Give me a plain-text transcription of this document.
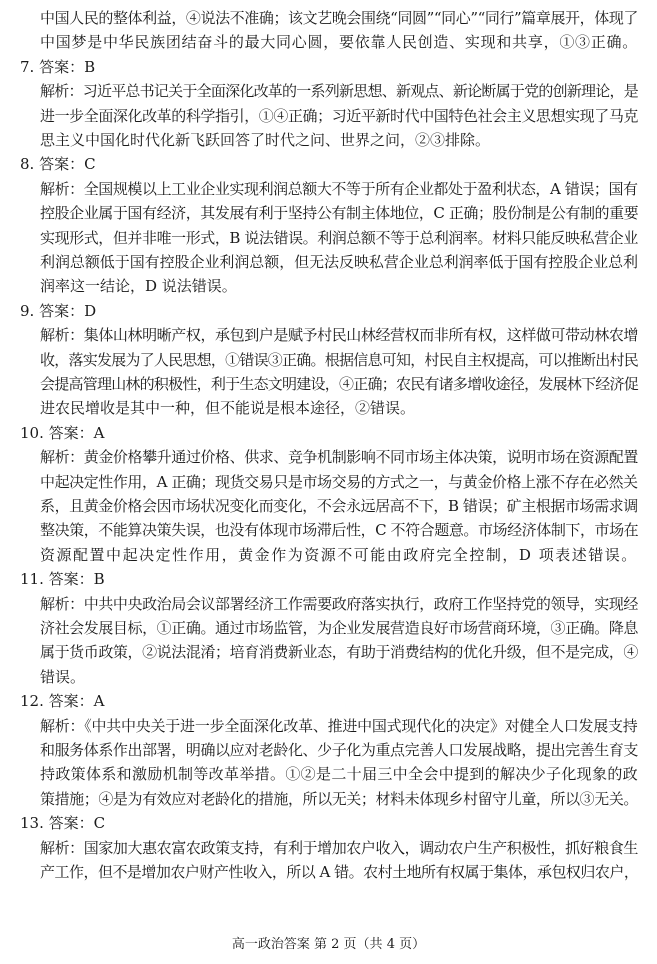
中国人民的整体利益，④说法不准确；该文艺晚会围绕“同圆”“同心”“同行”篇章展开，体现了
中国梦是中华民族团结奋斗的最大同心圆，要依靠人民创造、实现和共享，①③正确。
7. 答案：B
解析：习近平总书记关于全面深化改革的一系列新思想、新观点、新论断属于党的创新理论，是
进一步全面深化改革的科学指引，①④正确；习近平新时代中国特色社会主义思想实现了马克
思主义中国化时代化新飞跃回答了时代之问、世界之问，②③排除。
8. 答案：C
解析：全国规模以上工业企业实现利润总额大不等于所有企业都处于盈利状态，A 错误；国有
控股企业属于国有经济，其发展有利于坚持公有制主体地位，C 正确；股份制是公有制的重要
实现形式，但并非唯一形式，B 说法错误。利润总额不等于总利润率。材料只能反映私营企业
利润总额低于国有控股企业利润总额，但无法反映私营企业总利润率低于国有控股企业总利
润率这一结论，D 说法错误。
9. 答案：D
解析：集体山林明晰产权，承包到户是赋予村民山林经营权而非所有权，这样做可带动林农增
收，落实发展为了人民思想，①错误③正确。根据信息可知，村民自主权提高，可以推断出村民
会提高管理山林的积极性，利于生态文明建设，④正确；农民有诸多增收途径，发展林下经济促
进农民增收是其中一种，但不能说是根本途径，②错误。
10. 答案：A
解析：黄金价格攀升通过价格、供求、竞争机制影响不同市场主体决策，说明市场在资源配置
中起决定性作用，A 正确；现货交易只是市场交易的方式之一，与黄金价格上涨不存在必然关
系，且黄金价格会因市场状况变化而变化，不会永远居高不下，B 错误；矿主根据市场需求调
整决策，不能算决策失误，也没有体现市场滞后性，C 不符合题意。市场经济体制下，市场在
资源配置中起决定性作用，黄金作为资源不可能由政府完全控制，D 项表述错误。
11. 答案：B
解析：中共中央政治局会议部署经济工作需要政府落实执行，政府工作坚持党的领导，实现经
济社会发展目标，①正确。通过市场监管，为企业发展营造良好市场营商环境，③正确。降息
属于货币政策，②说法混淆；培育消费新业态，有助于消费结构的优化升级，但不是完成，④
错误。
12. 答案：A
解析：《中共中央关于进一步全面深化改革、推进中国式现代化的决定》对健全人口发展支持
和服务体系作出部署，明确以应对老龄化、少子化为重点完善人口发展战略，提出完善生育支
持政策体系和激励机制等改革举措。①②是二十届三中全会中提到的解决少子化现象的政
策措施；④是为有效应对老龄化的措施，所以无关；材料未体现乡村留守儿童，所以③无关。
13. 答案：C
解析：国家加大惠农富农政策支持，有利于增加农户收入，调动农户生产积极性，抓好粮食生
产工作，但不是增加农户财产性收入，所以 A 错。农村土地所有权属于集体，承包权归农户，
高一政治答案 第 2 页（共 4 页）
